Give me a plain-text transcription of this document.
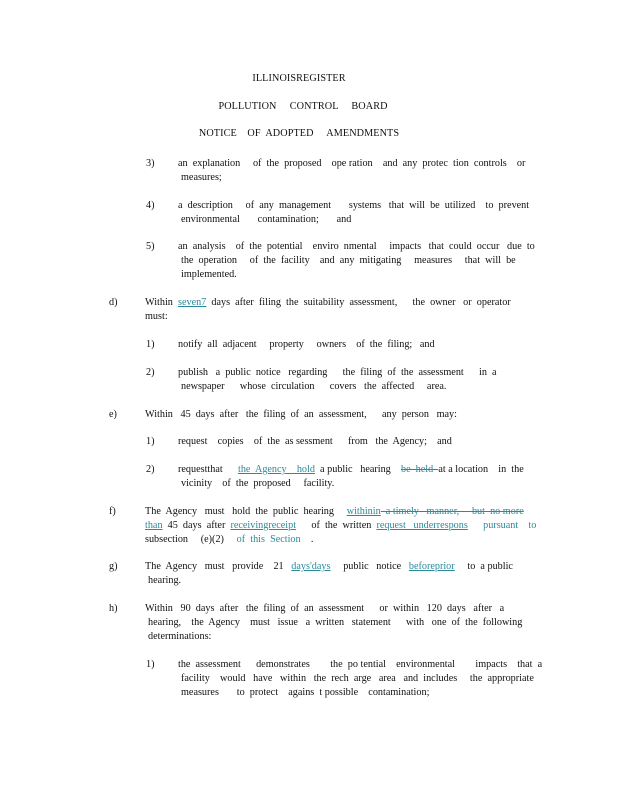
ILLINOISREGISTER
POLLUTION     CONTROL     BOARD
NOTICE    OF  ADOPTED     AMENDMENTS
3) an  explanation     of  the  proposed    ope ration    and  any  protec  tion  controls    or
measures;
4) a  description     of  any  management       systems   that  will  be  utilized    to  prevent
environmental       contamination;       and
5) an  analysis    of  the  potential    enviro  nmental     impacts   that  could  occur   due  to
the  operation     of  the  facility    and  any  mitigating     measures     that  will  be
implemented.
d)	Within  seven7  days  after  filing  the  suitability  assessment,      the  owner   or  operator
must:
1) notify  all  adjacent     property     owners    of  the  filing;   and
2) publish   a  public  notice   regarding      the  filing  of  the  assessment      in  a
newspaper      whose  circulation      covers   the  affected     area.
e)	Within   45  days  after   the  filing  of  an  assessment,      any  person   may:
1) request    copies    of  the  as sessment      from   the  Agency;    and
2) requestthat      the  Agency    hold  a public   hearing    be  held  at a location    in  the
vicinity    of  the  proposed     facility.
f)	The  Agency   must   hold  the  public  hearing     withinin  a timely   manner,     but  no more
than  45  days  after  receivingreceipt      of  the  written  request   underrespons      pursuant    to
subsection     (e)(2)     of  this  Section    .
g)	The  Agency   must   provide    21   days'days     public   notice   beforeprior     to  a public
hearing.
h)	Within   90  days  after   the  filing  of  an  assessment      or  within   120  days   after   a
hearing,    the  Agency    must   issue   a  written   statement      with   one  of  the  following
determinations:
1) the  assessment      demonstrates        the  po tential    environmental        impacts    that  a
facility    would   have   within   the  rech  arge   area   and  includes     the  appropriate
measures       to  protect    agains  t possible    contamination;
